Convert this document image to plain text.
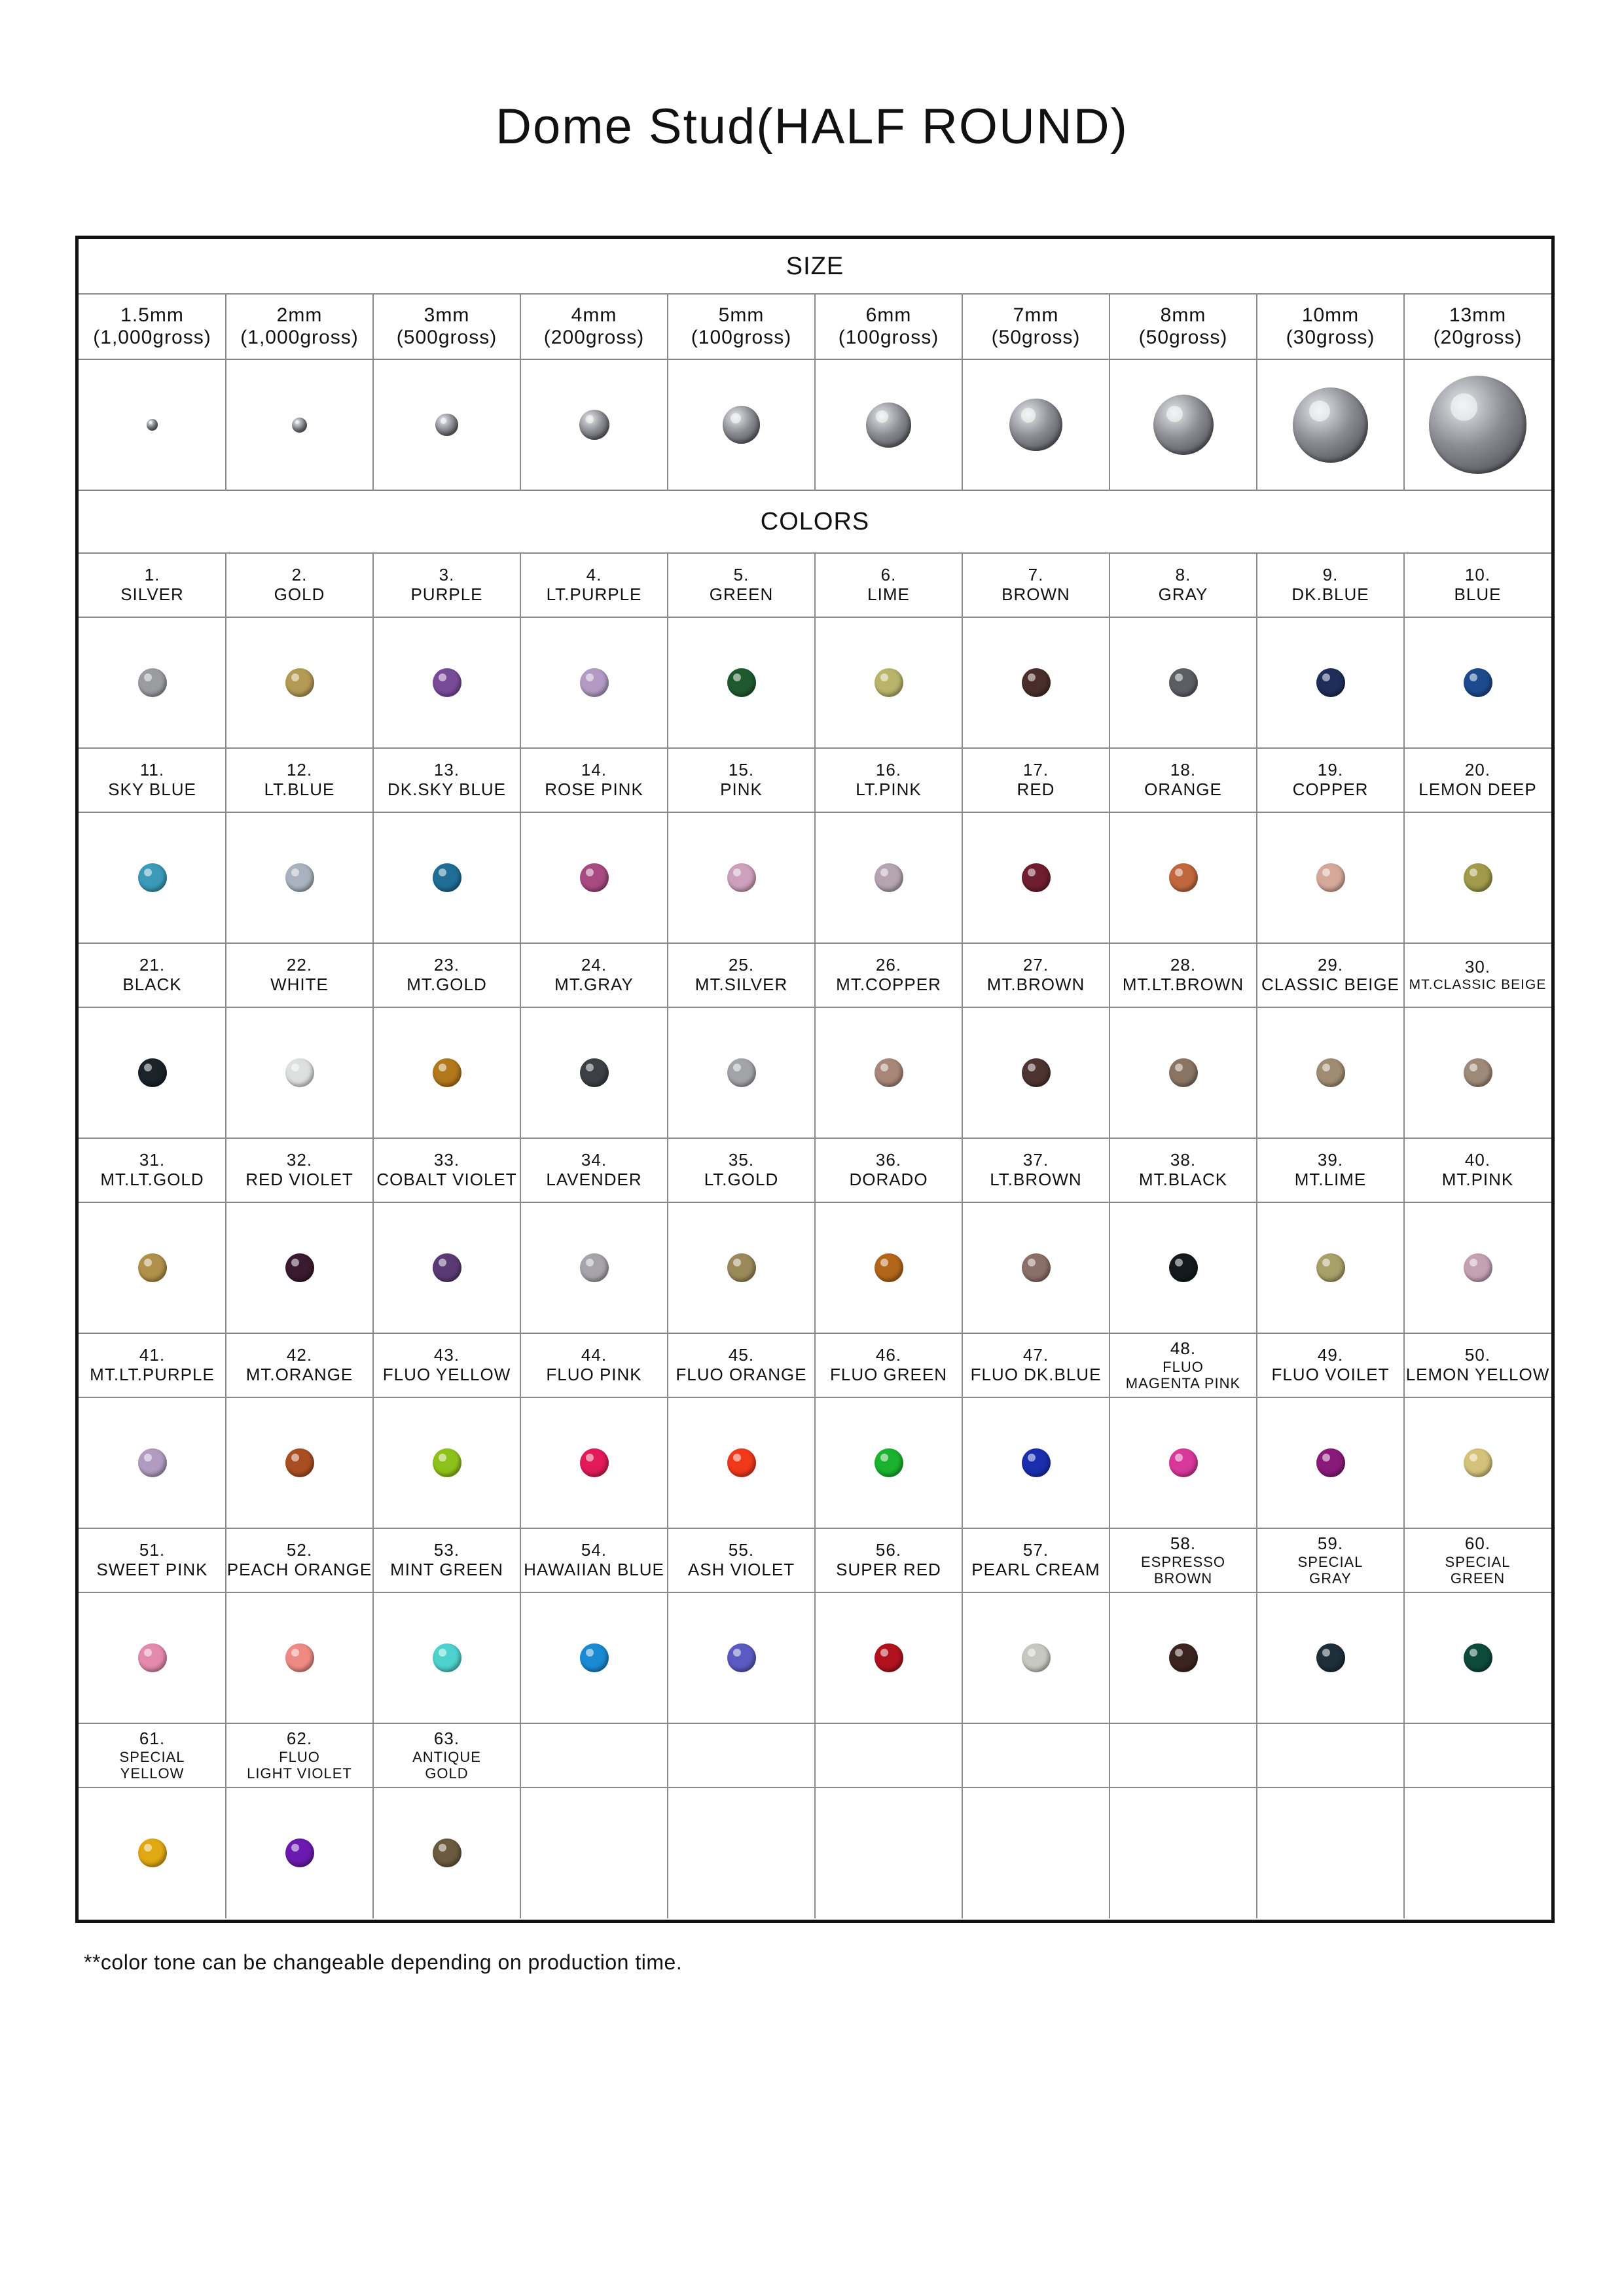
Dome Stud(HALF ROUND)
SIZE
COLORS
1.5mm
(1,000gross)
2mm
(1,000gross)
3mm
(500gross)
4mm
(200gross)
5mm
(100gross)
6mm
(100gross)
7mm
(50gross)
8mm
(50gross)
10mm
(30gross)
13mm
(20gross)
1.
SILVER
2.
GOLD
3.
PURPLE
4.
LT.PURPLE
5.
GREEN
6.
LIME
7.
BROWN
8.
GRAY
9.
DK.BLUE
10.
BLUE
11.
SKY BLUE
12.
LT.BLUE
13.
DK.SKY BLUE
14.
ROSE PINK
15.
PINK
16.
LT.PINK
17.
RED
18.
ORANGE
19.
COPPER
20.
LEMON DEEP
21.
BLACK
22.
WHITE
23.
MT.GOLD
24.
MT.GRAY
25.
MT.SILVER
26.
MT.COPPER
27.
MT.BROWN
28.
MT.LT.BROWN
29.
CLASSIC BEIGE
30.
MT.CLASSIC BEIGE
31.
MT.LT.GOLD
32.
RED VIOLET
33.
COBALT VIOLET
34.
LAVENDER
35.
LT.GOLD
36.
DORADO
37.
LT.BROWN
38.
MT.BLACK
39.
MT.LIME
40.
MT.PINK
41.
MT.LT.PURPLE
42.
MT.ORANGE
43.
FLUO YELLOW
44.
FLUO PINK
45.
FLUO ORANGE
46.
FLUO GREEN
47.
FLUO DK.BLUE
48.
FLUO
MAGENTA PINK
49.
FLUO VOILET
50.
LEMON YELLOW
51.
SWEET PINK
52.
PEACH ORANGE
53.
MINT GREEN
54.
HAWAIIAN BLUE
55.
ASH VIOLET
56.
SUPER RED
57.
PEARL CREAM
58.
ESPRESSO
BROWN
59.
SPECIAL
GRAY
60.
SPECIAL
GREEN
61.
SPECIAL
YELLOW
62.
FLUO
LIGHT VIOLET
63.
ANTIQUE
GOLD
**color tone can be changeable depending on production time.
